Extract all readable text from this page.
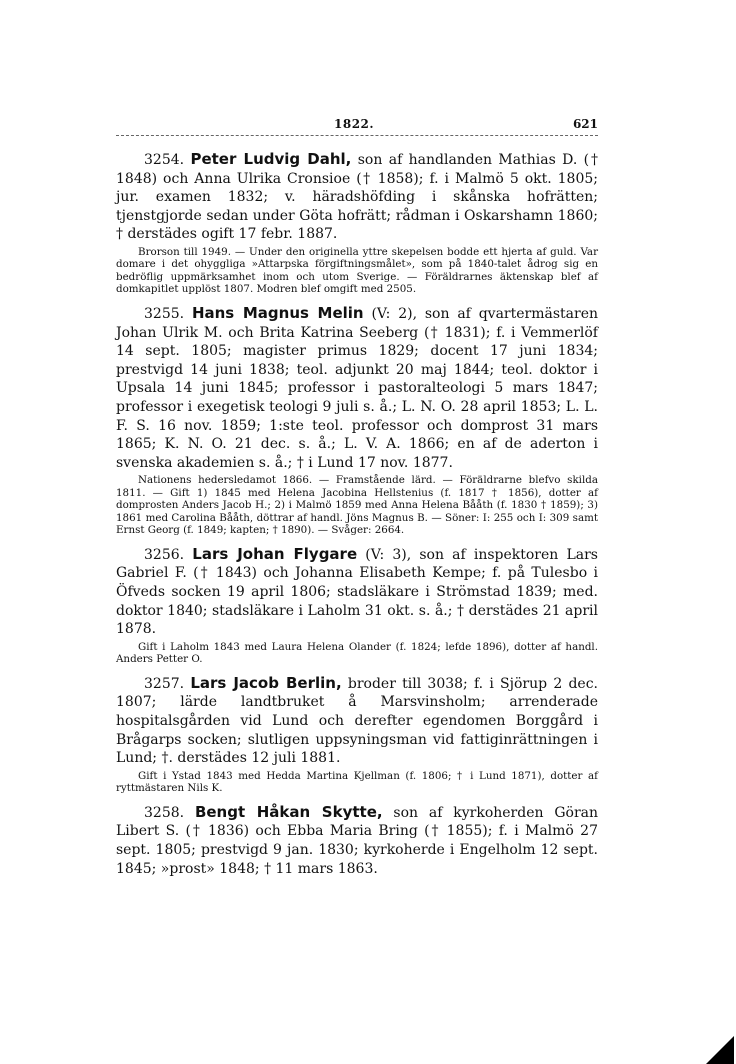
1822.	621

3254. Peter Ludvig Dahl, son af handlanden Mathias D. († 1848) och Anna Ulrika Cronsioe († 1858); f. i Malmö 5 okt. 1805; jur. examen 1832; v. häradshöfding i skånska hofrätten; tjenstgjorde sedan under Göta hofrätt; rådman i Oskarshamn 1860; † derstädes ogift 17 febr. 1887.

Brorson till 1949. — Under den originella yttre skepelsen bodde ett hjerta af guld. Var domare i det ohyggliga »Attarpska förgiftningsmålet», som på 1840-talet ådrog sig en bedröflig uppmärksamhet inom och utom Sverige. — Föräldrarnes äktenskap blef af domkapitlet upplöst 1807. Modren blef omgift med 2505.

3255. Hans Magnus Melin (V: 2), son af qvartermästaren Johan Ulrik M. och Brita Katrina Seeberg († 1831); f. i Vemmerlöf 14 sept. 1805; magister primus 1829; docent 17 juni 1834; prestvigd 14 juni 1838; teol. adjunkt 20 maj 1844; teol. doktor i Upsala 14 juni 1845; professor i pastoralteologi 5 mars 1847; professor i exegetisk teologi 9 juli s. å.; L. N. O. 28 april 1853; L. L. F. S. 16 nov. 1859; 1:ste teol. professor och domprost 31 mars 1865; K. N. O. 21 dec. s. å.; L. V. A. 1866; en af de aderton i svenska akademien s. å.; † i Lund 17 nov. 1877.

Nationens hedersledamot 1866. — Framstående lärd. — Föräldrarne blefvo skilda 1811. — Gift 1) 1845 med Helena Jacobina Hellstenius (f. 1817 † 1856), dotter af domprosten Anders Jacob H.; 2) i Malmö 1859 med Anna Helena Bååth (f. 1830 † 1859); 3) 1861 med Carolina Bååth, döttrar af handl. Jöns Magnus B. — Söner: I: 255 och I: 309 samt Ernst Georg (f. 1849; kapten; † 1890). — Svåger: 2664.

3256. Lars Johan Flygare (V: 3), son af inspektoren Lars Gabriel F. († 1843) och Johanna Elisabeth Kempe; f. på Tulesbo i Öfveds socken 19 april 1806; stadsläkare i Strömstad 1839; med. doktor 1840; stadsläkare i Laholm 31 okt. s. å.; † derstädes 21 april 1878.

Gift i Laholm 1843 med Laura Helena Olander (f. 1824; lefde 1896), dotter af handl. Anders Petter O.

3257. Lars Jacob Berlin, broder till 3038; f. i Sjörup 2 dec. 1807; lärde landtbruket å Marsvinsholm; arrenderade hospitalsgården vid Lund och derefter egendomen Borggård i Brågarps socken; slutligen uppsyningsman vid fattiginrättningen i Lund; †. derstädes 12 juli 1881.

Gift i Ystad 1843 med Hedda Martina Kjellman (f. 1806; † i Lund 1871), dotter af ryttmästaren Nils K.

3258. Bengt Håkan Skytte, son af kyrkoherden Göran Libert S. († 1836) och Ebba Maria Bring († 1855); f. i Malmö 27 sept. 1805; prestvigd 9 jan. 1830; kyrkoherde i Engelholm 12 sept. 1845; »prost» 1848; † 11 mars 1863.
